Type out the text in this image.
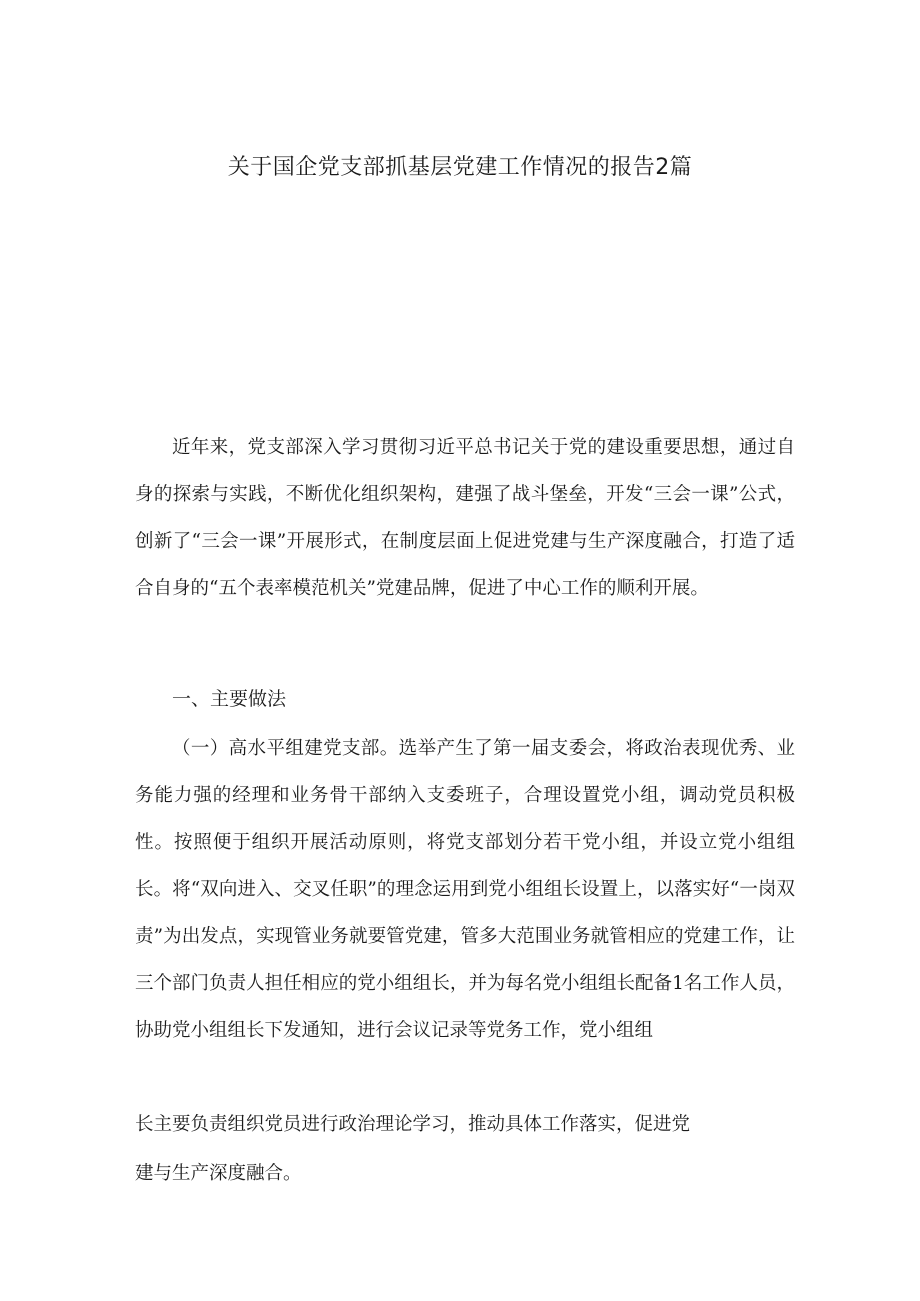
关于国企党支部抓基层党建工作情况的报告2篇

近年来，党支部深入学习贯彻习近平总书记关于党的建设重要思想，通过自身的探索与实践，不断优化组织架构，建强了战斗堡垒，开发“三会一课”公式，创新了“三会一课”开展形式，在制度层面上促进党建与生产深度融合，打造了适合自身的“五个表率模范机关”党建品牌，促进了中心工作的顺利开展。

一、主要做法

（一）高水平组建党支部。选举产生了第一届支委会，将政治表现优秀、业务能力强的经理和业务骨干部纳入支委班子，合理设置党小组，调动党员积极性。按照便于组织开展活动原则，将党支部划分若干党小组，并设立党小组组长。将“双向进入、交叉任职”的理念运用到党小组组长设置上，以落实好“一岗双责”为出发点，实现管业务就要管党建，管多大范围业务就管相应的党建工作，让三个部门负责人担任相应的党小组组长，并为每名党小组组长配备1名工作人员，协助党小组组长下发通知，进行会议记录等党务工作，党小组组

长主要负责组织党员进行政治理论学习，推动具体工作落实，促进党

建与生产深度融合。
